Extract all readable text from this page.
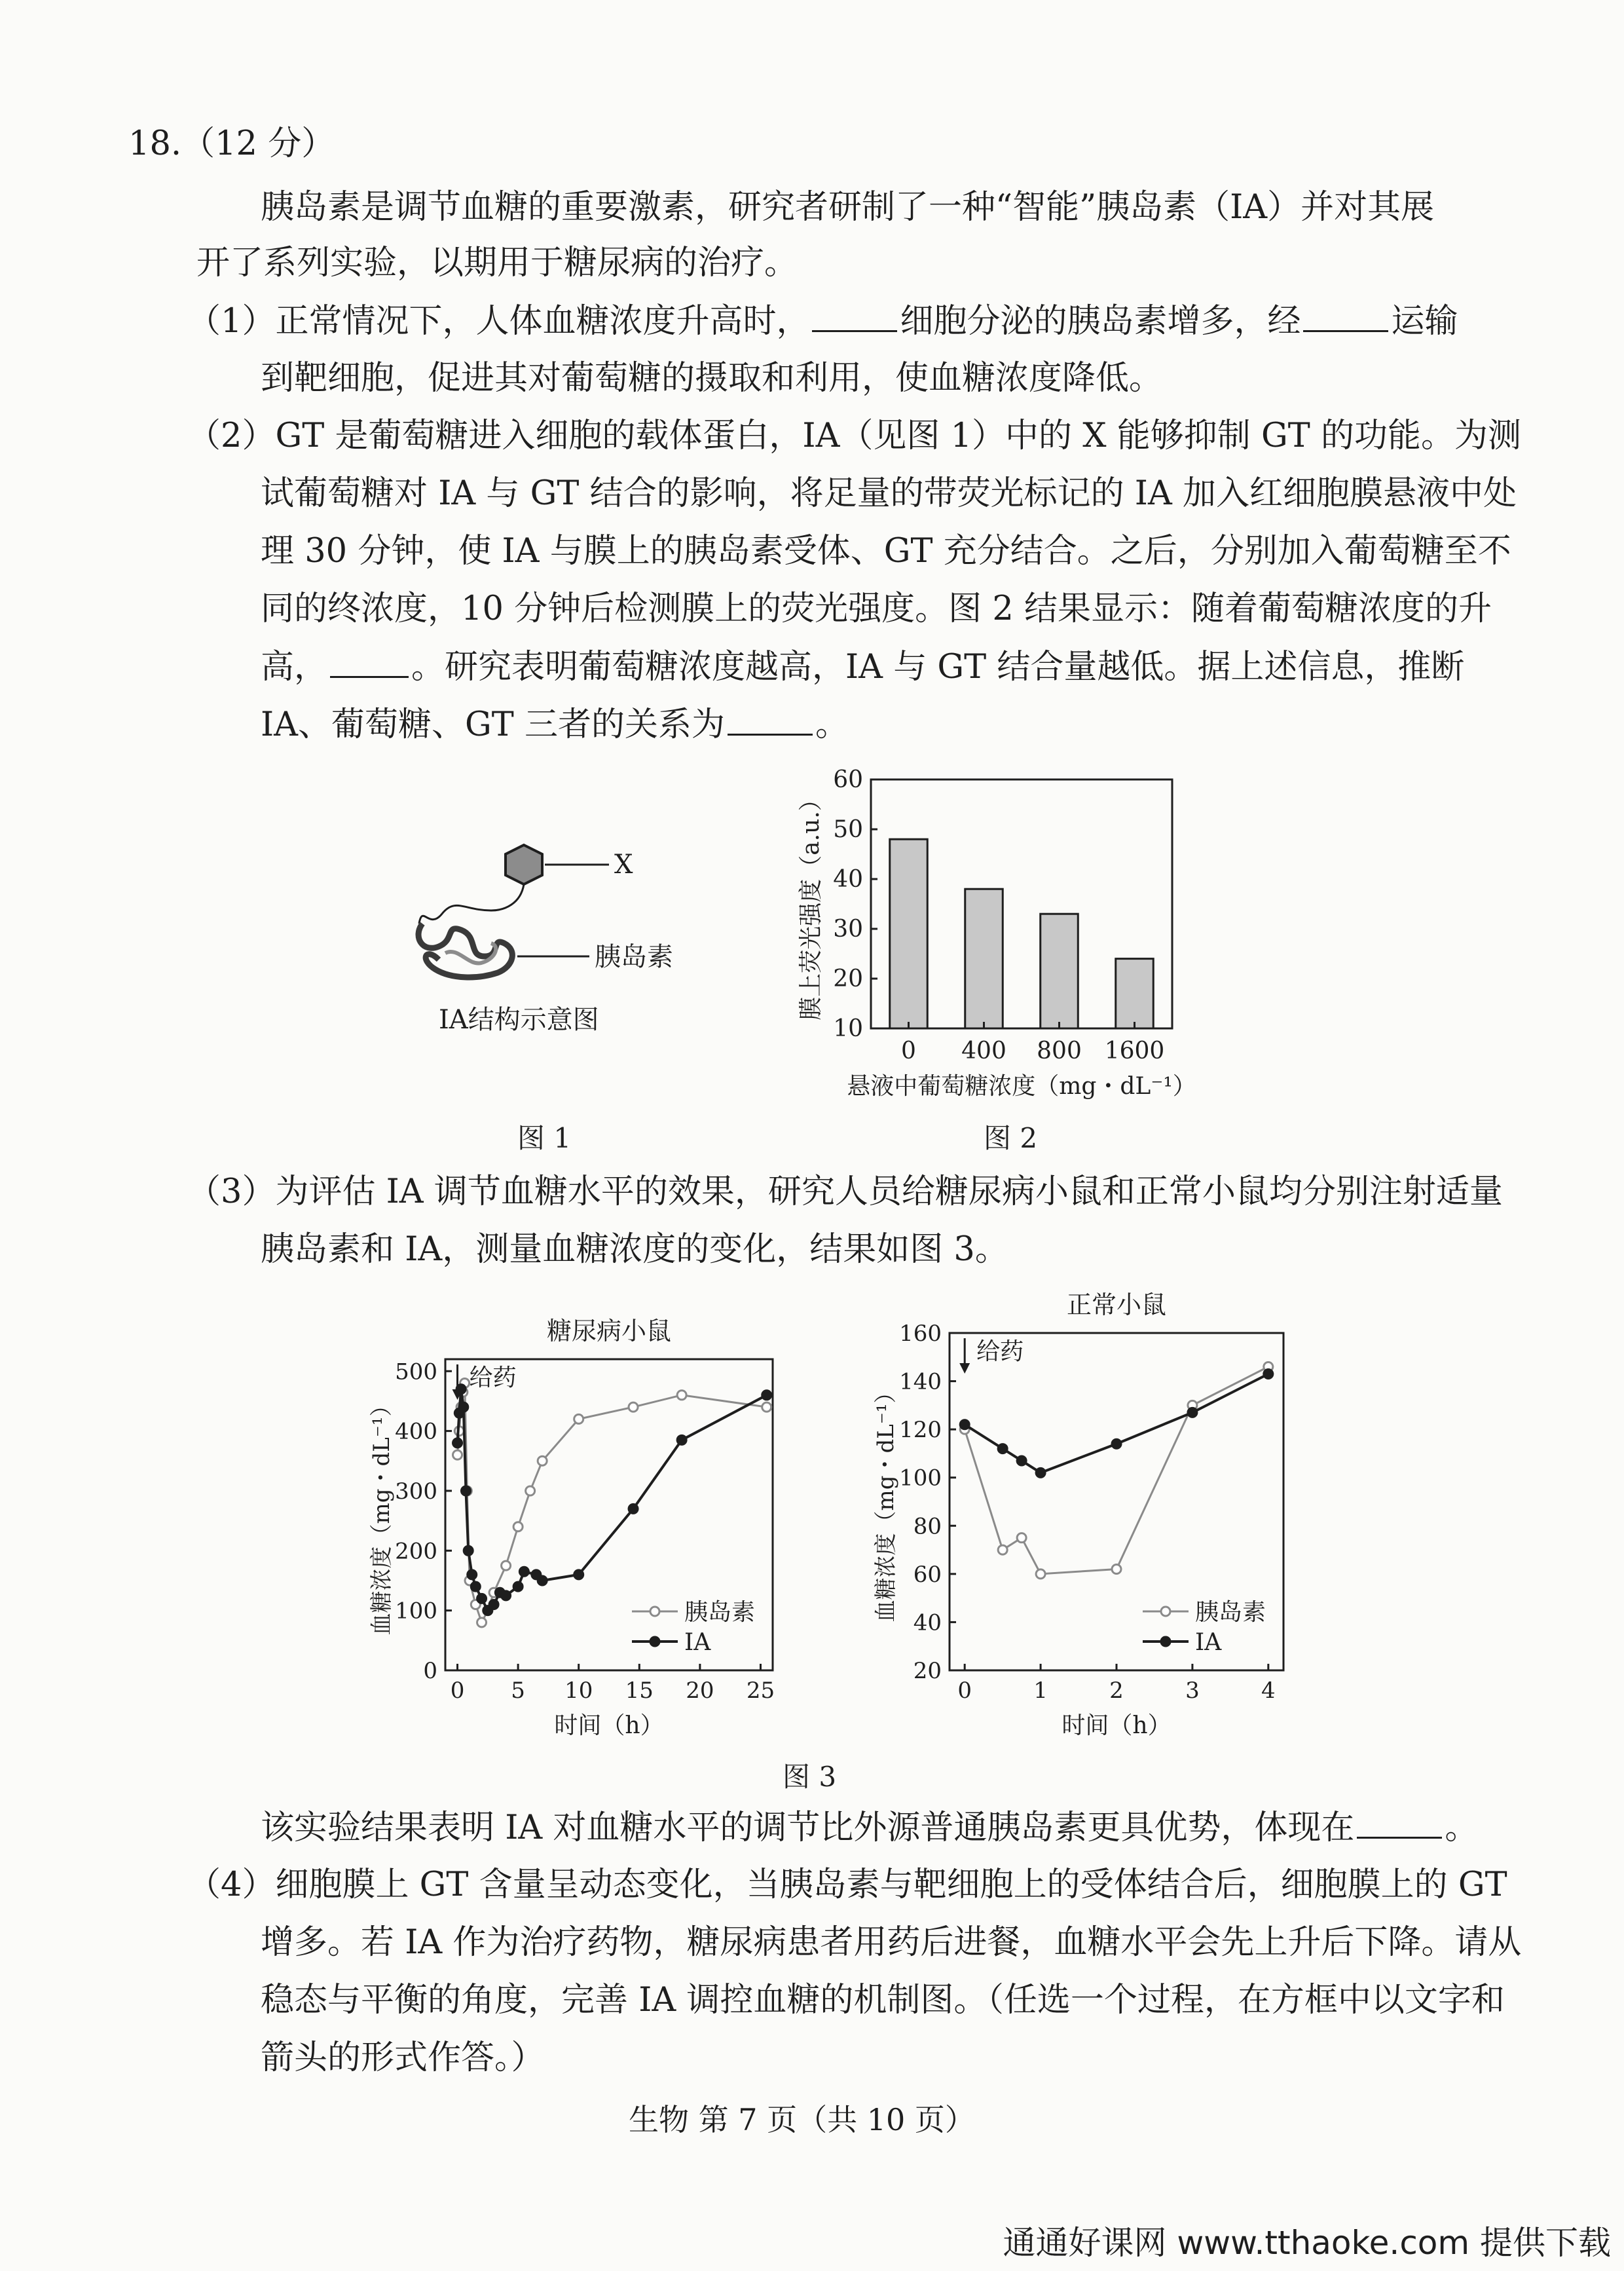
18.（12 分）
胰岛素是调节血糖的重要激素，研究者研制了一种“智能”胰岛素（IA）并对其展
开了系列实验，以期用于糖尿病的治疗。
（1）正常情况下，人体血糖浓度升高时，	细胞分泌的胰岛素增多，经	运输
到靶细胞，促进其对葡萄糖的摄取和利用，使血糖浓度降低。
（2）GT 是葡萄糖进入细胞的载体蛋白，IA（见图 1）中的 X 能够抑制 GT 的功能。为测
试葡萄糖对 IA 与 GT 结合的影响，将足量的带荧光标记的 IA 加入红细胞膜悬液中处
理 30 分钟，使 IA 与膜上的胰岛素受体、GT 充分结合。之后，分别加入葡萄糖至不
同的终浓度，10 分钟后检测膜上的荧光强度。图 2 结果显示：随着葡萄糖浓度的升
高，	。研究表明葡萄糖浓度越高，IA 与 GT 结合量越低。据上述信息，推断
IA、葡萄糖、GT 三者的关系为	。
X
胰岛素
IA结构示意图
图 1
10
20
30
40
50
60
0 400 800 1600
悬液中葡萄糖浓度（mg・dL⁻¹）
膜上荧光强度（a.u.）
图 2
（3）为评估 IA 调节血糖水平的效果，研究人员给糖尿病小鼠和正常小鼠均分别注射适量
胰岛素和 IA，测量血糖浓度的变化，结果如图 3。
糖尿病小鼠
0
100
200
300
400
500
0 5 10 15 20 25
时间（h）
血糖浓度（mg・dL⁻¹）	胰岛素
IA
给药
正常小鼠
20
40
60
80
100
120
140
160
0	1	2	3	4
时间（h）
血糖浓度（mg・dL⁻¹）	胰岛素
IA
给药
图 3
该实验结果表明 IA 对血糖水平的调节比外源普通胰岛素更具优势，体现在	。
（4）细胞膜上 GT 含量呈动态变化，当胰岛素与靶细胞上的受体结合后，细胞膜上的 GT
增多。若 IA 作为治疗药物，糖尿病患者用药后进餐，血糖水平会先上升后下降。请从
稳态与平衡的角度，完善 IA 调控血糖的机制图。（任选一个过程，在方框中以文字和
箭头的形式作答。）
生物 第 7 页（共 10 页）
通通好课网 www.tthaoke.com 提供下载
